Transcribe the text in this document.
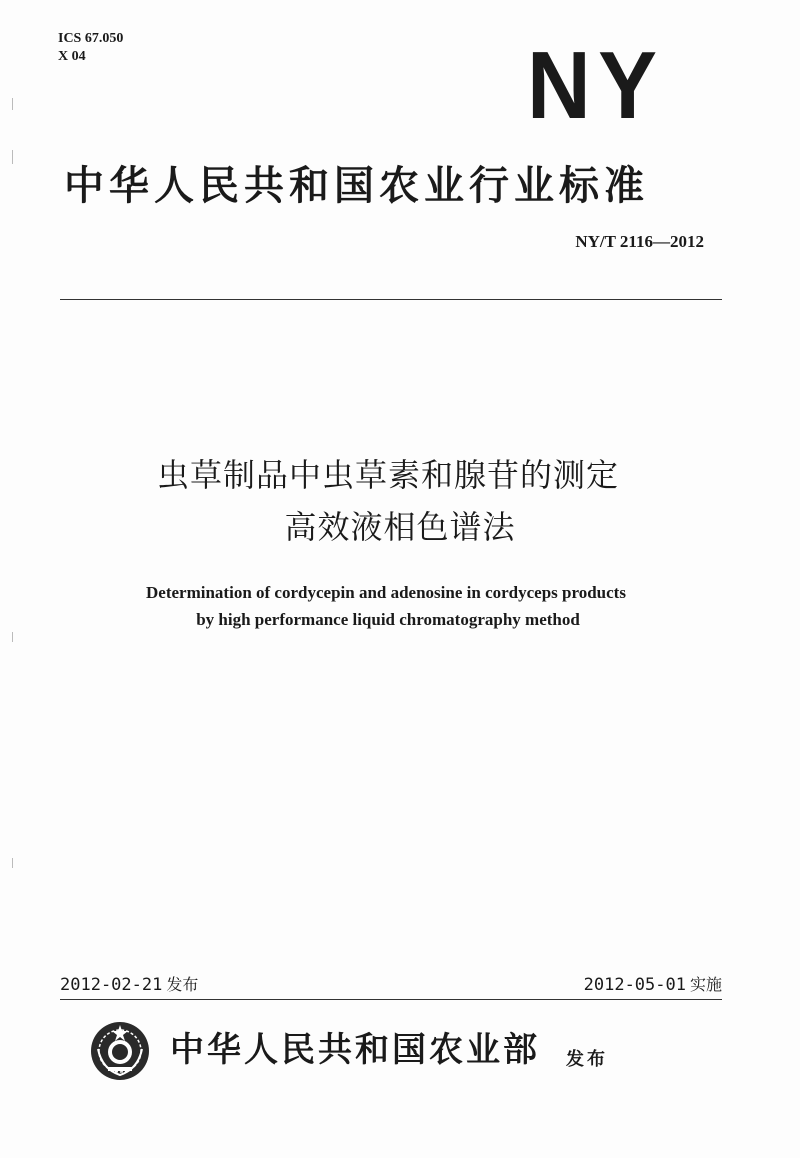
ICS 67.050
X 04	NY
中华人民共和国农业行业标准
NY/T 2116—2012
虫草制品中虫草素和腺苷的测定
高效液相色谱法
Determination of cordycepin and adenosine in cordyceps products
by high performance liquid chromatography method
2012-02-21 发布	2012-05-01 实施
中华人民共和国农业部 发布
